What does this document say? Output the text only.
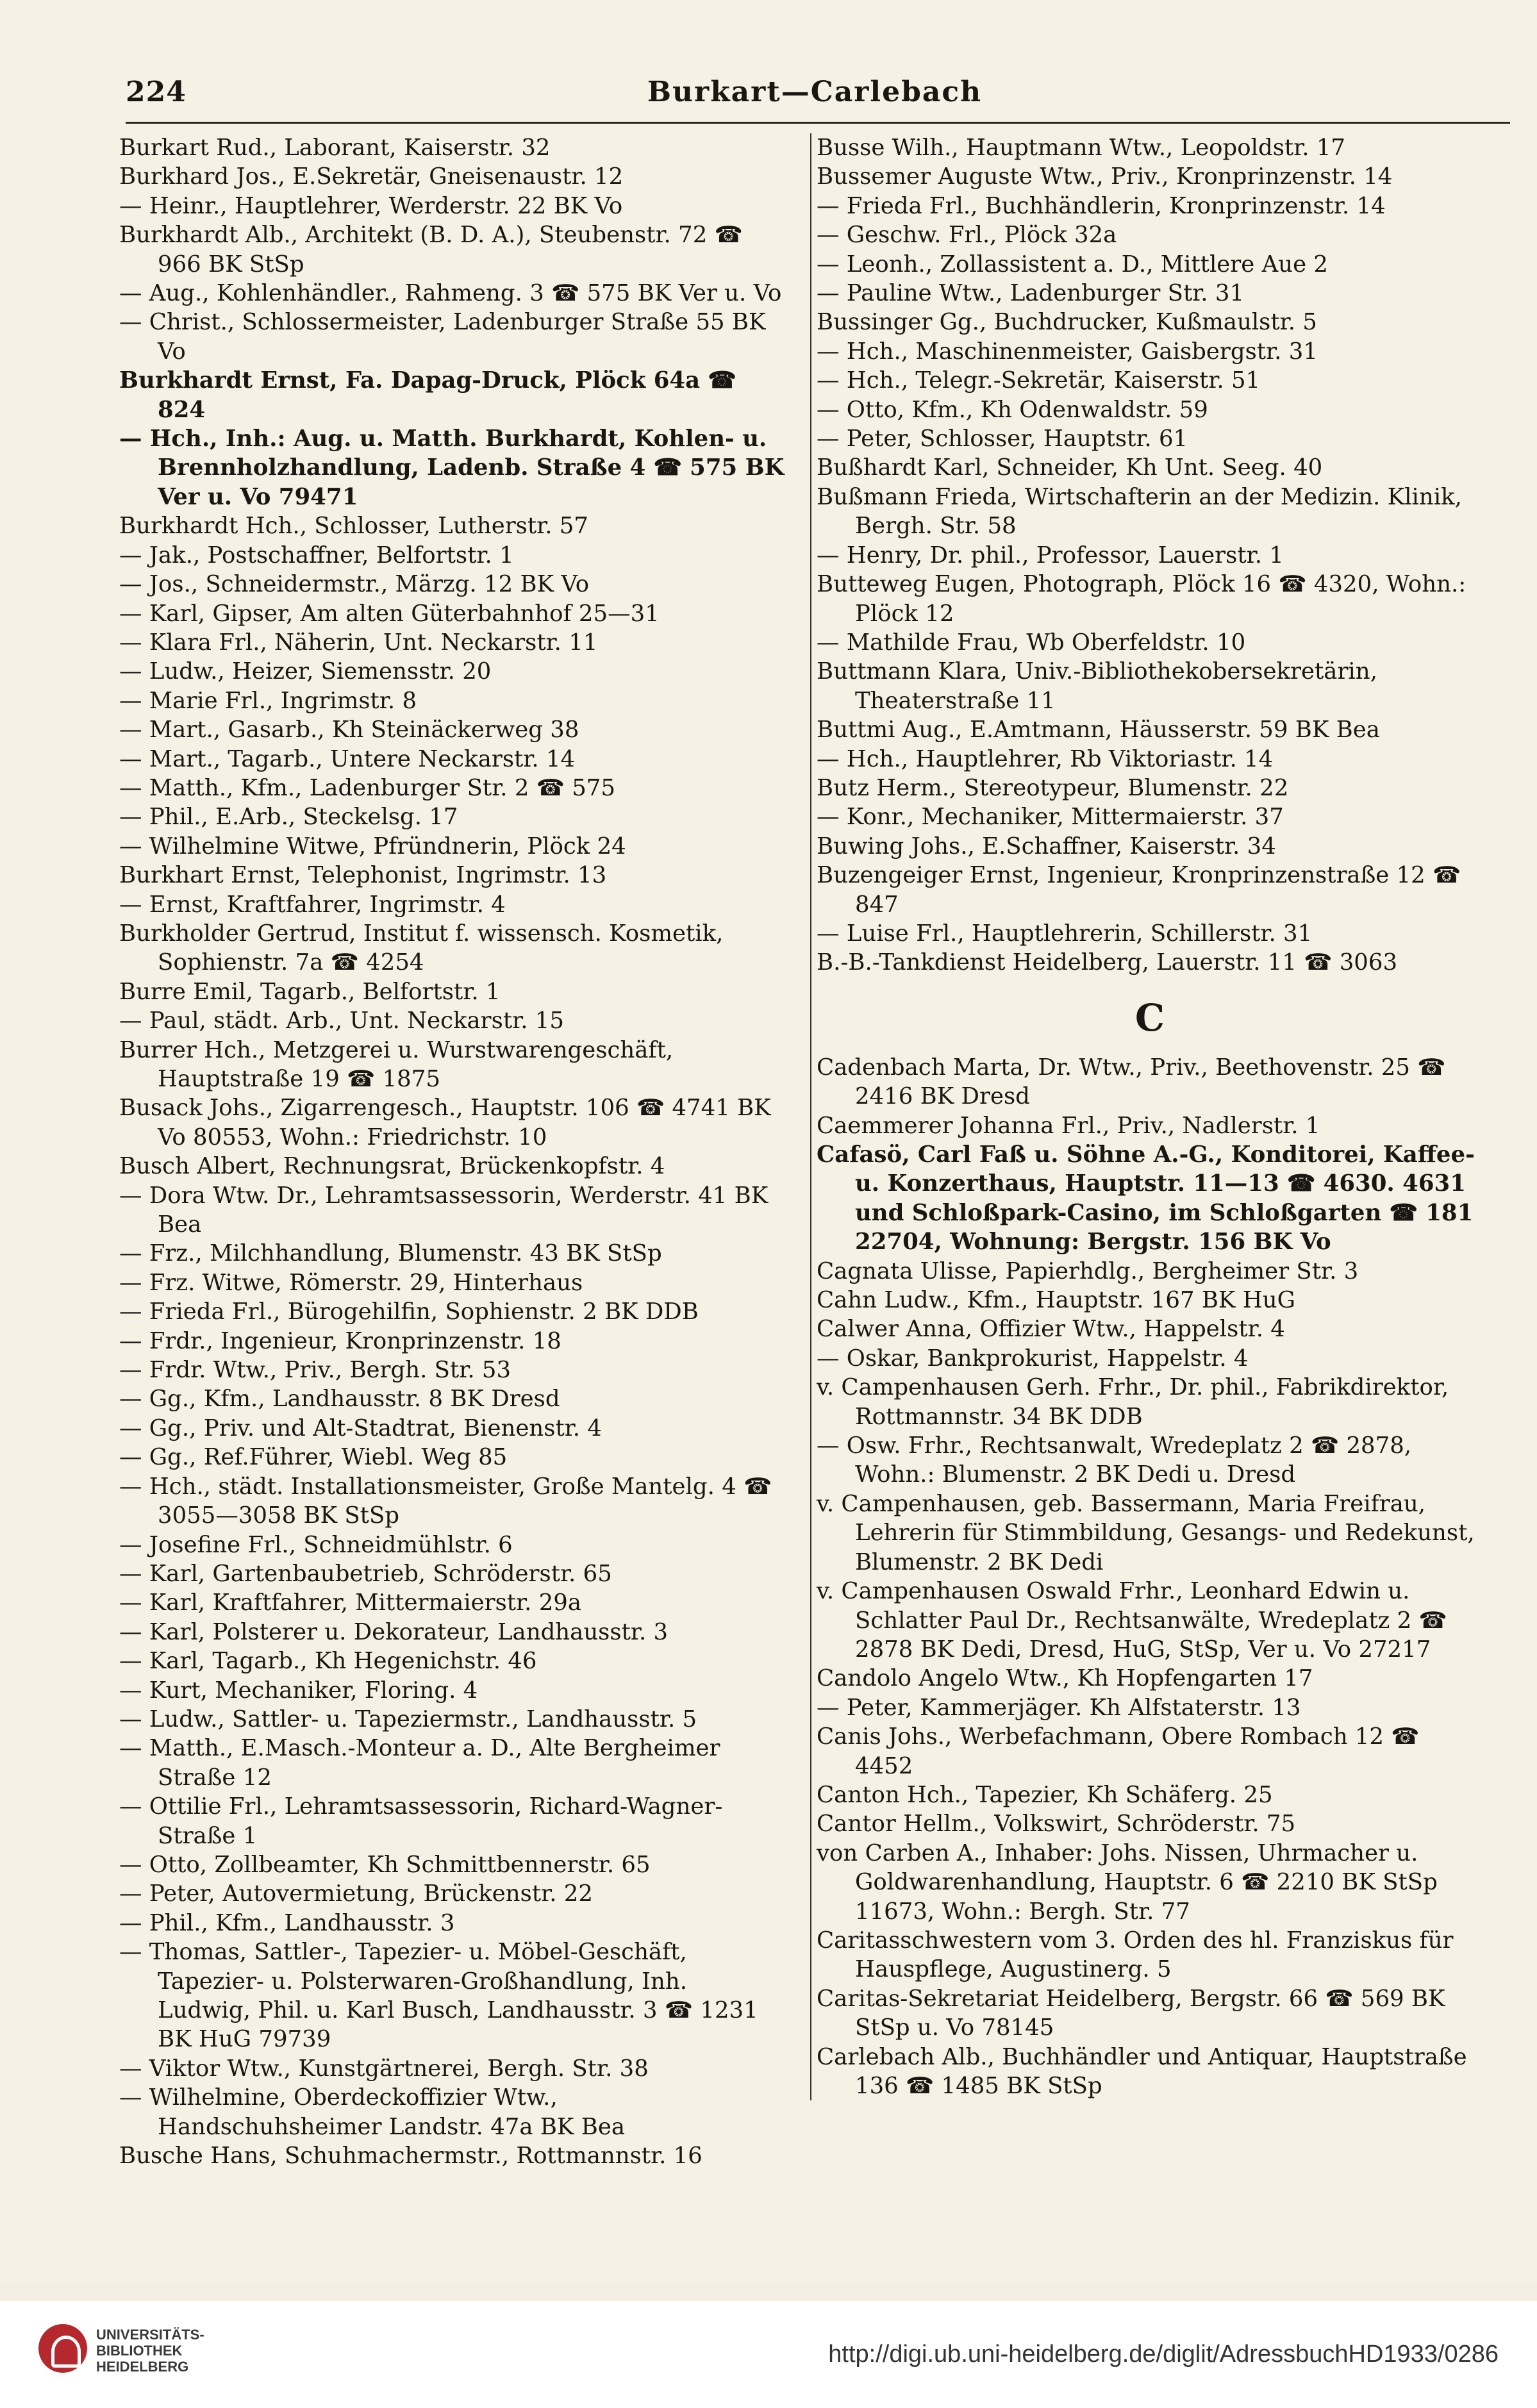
224	Burkart—Carlebach

Burkart Rud., Laborant, Kaiserstr. 32

Burkhard Jos., E.Sekretär, Gneisenaustr. 12

— Heinr., Hauptlehrer, Werderstr. 22 BK Vo

Burkhardt Alb., Architekt (B. D. A.), Steubenstr. 72 ☎ 966 BK StSp

— Aug., Kohlenhändler., Rahmeng. 3 ☎ 575 BK Ver u. Vo

— Christ., Schlossermeister, Ladenburger Straße 55 BK Vo

Burkhardt Ernst, Fa. Dapag-Druck, Plöck 64a ☎ 824

— Hch., Inh.: Aug. u. Matth. Burkhardt, Kohlen- u. Brennholzhandlung, Ladenb. Straße 4 ☎ 575 BK Ver u. Vo 79471

Burkhardt Hch., Schlosser, Lutherstr. 57

— Jak., Postschaffner, Belfortstr. 1

— Jos., Schneidermstr., Märzg. 12 BK Vo

— Karl, Gipser, Am alten Güterbahnhof 25—31

— Klara Frl., Näherin, Unt. Neckarstr. 11

— Ludw., Heizer, Siemensstr. 20

— Marie Frl., Ingrimstr. 8

— Mart., Gasarb., Kh Steinäckerweg 38

— Mart., Tagarb., Untere Neckarstr. 14

— Matth., Kfm., Ladenburger Str. 2 ☎ 575

— Phil., E.Arb., Steckelsg. 17

— Wilhelmine Witwe, Pfründnerin, Plöck 24

Burkhart Ernst, Telephonist, Ingrimstr. 13

— Ernst, Kraftfahrer, Ingrimstr. 4

Burkholder Gertrud, Institut f. wissensch. Kosmetik, Sophienstr. 7a ☎ 4254

Burre Emil, Tagarb., Belfortstr. 1

— Paul, städt. Arb., Unt. Neckarstr. 15

Burrer Hch., Metzgerei u. Wurstwarengeschäft, Hauptstraße 19 ☎ 1875

Busack Johs., Zigarrengesch., Hauptstr. 106 ☎ 4741 BK Vo 80553, Wohn.: Friedrichstr. 10

Busch Albert, Rechnungsrat, Brückenkopfstr. 4

— Dora Wtw. Dr., Lehramtsassessorin, Werderstr. 41 BK Bea

— Frz., Milchhandlung, Blumenstr. 43 BK StSp

— Frz. Witwe, Römerstr. 29, Hinterhaus

— Frieda Frl., Bürogehilfin, Sophienstr. 2 BK DDB

— Frdr., Ingenieur, Kronprinzenstr. 18

— Frdr. Wtw., Priv., Bergh. Str. 53

— Gg., Kfm., Landhausstr. 8 BK Dresd

— Gg., Priv. und Alt-Stadtrat, Bienenstr. 4

— Gg., Ref.Führer, Wiebl. Weg 85

— Hch., städt. Installationsmeister, Große Mantelg. 4 ☎ 3055—3058 BK StSp

— Josefine Frl., Schneidmühlstr. 6

— Karl, Gartenbaubetrieb, Schröderstr. 65

— Karl, Kraftfahrer, Mittermaierstr. 29a

— Karl, Polsterer u. Dekorateur, Landhausstr. 3

— Karl, Tagarb., Kh Hegenichstr. 46

— Kurt, Mechaniker, Floring. 4

— Ludw., Sattler- u. Tapeziermstr., Landhausstr. 5

— Matth., E.Masch.-Monteur a. D., Alte Bergheimer Straße 12

— Ottilie Frl., Lehramtsassessorin, Richard-Wagner-Straße 1

— Otto, Zollbeamter, Kh Schmittbennerstr. 65

— Peter, Autovermietung, Brückenstr. 22

— Phil., Kfm., Landhausstr. 3

— Thomas, Sattler-, Tapezier- u. Möbel-Geschäft, Tapezier- u. Polsterwaren-Großhandlung, Inh. Ludwig, Phil. u. Karl Busch, Landhausstr. 3 ☎ 1231 BK HuG 79739

— Viktor Wtw., Kunstgärtnerei, Bergh. Str. 38

— Wilhelmine, Oberdeckoffizier Wtw., Handschuhsheimer Landstr. 47a BK Bea

Busche Hans, Schuhmachermstr., Rottmannstr. 16

Busse Wilh., Hauptmann Wtw., Leopoldstr. 17

Bussemer Auguste Wtw., Priv., Kronprinzenstr. 14

— Frieda Frl., Buchhändlerin, Kronprinzenstr. 14

— Geschw. Frl., Plöck 32a

— Leonh., Zollassistent a. D., Mittlere Aue 2

— Pauline Wtw., Ladenburger Str. 31

Bussinger Gg., Buchdrucker, Kußmaulstr. 5

— Hch., Maschinenmeister, Gaisbergstr. 31

— Hch., Telegr.-Sekretär, Kaiserstr. 51

— Otto, Kfm., Kh Odenwaldstr. 59

— Peter, Schlosser, Hauptstr. 61

Bußhardt Karl, Schneider, Kh Unt. Seeg. 40

Bußmann Frieda, Wirtschafterin an der Medizin. Klinik, Bergh. Str. 58

— Henry, Dr. phil., Professor, Lauerstr. 1

Butteweg Eugen, Photograph, Plöck 16 ☎ 4320, Wohn.: Plöck 12

— Mathilde Frau, Wb Oberfeldstr. 10

Buttmann Klara, Univ.-Bibliothekobersekretärin, Theaterstraße 11

Buttmi Aug., E.Amtmann, Häusserstr. 59 BK Bea

— Hch., Hauptlehrer, Rb Viktoriastr. 14

Butz Herm., Stereotypeur, Blumenstr. 22

— Konr., Mechaniker, Mittermaierstr. 37

Buwing Johs., E.Schaffner, Kaiserstr. 34

Buzengeiger Ernst, Ingenieur, Kronprinzenstraße 12 ☎ 847

— Luise Frl., Hauptlehrerin, Schillerstr. 31

B.-B.-Tankdienst Heidelberg, Lauerstr. 11 ☎ 3063

C

Cadenbach Marta, Dr. Wtw., Priv., Beethovenstr. 25 ☎ 2416 BK Dresd

Caemmerer Johanna Frl., Priv., Nadlerstr. 1

Cafasö, Carl Faß u. Söhne A.-G., Konditorei, Kaffee- u. Konzerthaus, Hauptstr. 11—13 ☎ 4630. 4631 und Schloßpark-Casino, im Schloßgarten ☎ 181 22704, Wohnung: Bergstr. 156 BK Vo

Cagnata Ulisse, Papierhdlg., Bergheimer Str. 3

Cahn Ludw., Kfm., Hauptstr. 167 BK HuG

Calwer Anna, Offizier Wtw., Happelstr. 4

— Oskar, Bankprokurist, Happelstr. 4

v. Campenhausen Gerh. Frhr., Dr. phil., Fabrikdirektor, Rottmannstr. 34 BK DDB

— Osw. Frhr., Rechtsanwalt, Wredeplatz 2 ☎ 2878, Wohn.: Blumenstr. 2 BK Dedi u. Dresd

v. Campenhausen, geb. Bassermann, Maria Freifrau, Lehrerin für Stimmbildung, Gesangs- und Redekunst, Blumenstr. 2 BK Dedi

v. Campenhausen Oswald Frhr., Leonhard Edwin u. Schlatter Paul Dr., Rechtsanwälte, Wredeplatz 2 ☎ 2878 BK Dedi, Dresd, HuG, StSp, Ver u. Vo 27217

Candolo Angelo Wtw., Kh Hopfengarten 17

— Peter, Kammerjäger. Kh Alfstaterstr. 13

Canis Johs., Werbefachmann, Obere Rombach 12 ☎ 4452

Canton Hch., Tapezier, Kh Schäferg. 25

Cantor Hellm., Volkswirt, Schröderstr. 75

von Carben A., Inhaber: Johs. Nissen, Uhrmacher u. Goldwarenhandlung, Hauptstr. 6 ☎ 2210 BK StSp 11673, Wohn.: Bergh. Str. 77

Caritasschwestern vom 3. Orden des hl. Franziskus für Hauspflege, Augustinerg. 5

Caritas-Sekretariat Heidelberg, Bergstr. 66 ☎ 569 BK StSp u. Vo 78145

Carlebach Alb., Buchhändler und Antiquar, Hauptstraße 136 ☎ 1485 BK StSp

UNIVERSITÄTS-
BIBLIOTHEK
HEIDELBERG	http://digi.ub.uni-heidelberg.de/diglit/AdressbuchHD1933/0286
